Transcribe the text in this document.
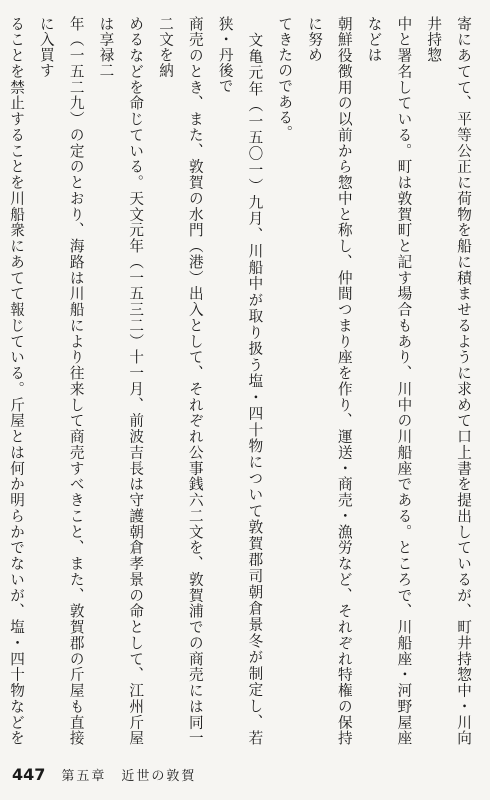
寄にあてて、平等公正に荷物を船に積ませるように求めて口上書を提出しているが、町井持惣中・川向井持惣
中と署名している。町は敦賀町と記す場合もあり、川中の川船座である。ところで、川船座・河野屋座などは
朝鮮役徴用の以前から惣中と称し、仲間つまり座を作り、運送・商売・漁労など、それぞれ特権の保持に努め
てきたのである。
　文亀元年（一五〇一）九月、川船中が取り扱う塩・四十物について敦賀郡司朝倉景冬が制定し、若狭・丹後で
商売のとき、また、敦賀の水門（港）出入として、それぞれ公事銭六二文を、敦賀浦での商売には同一二文を納
めるなどを命じている。天文元年（一五三二）十一月、前波吉長は守護朝倉孝景の命として、江州斤屋は享禄二
年（一五二九）の定のとおり、海路は川船により往来して商売すべきこと、また、敦賀郡の斤屋も直接に入買す
ることを禁止することを川船衆にあてて報じている。斤屋とは何か明らかでないが、塩・四十物などを

447 第五章　近世の敦賀
